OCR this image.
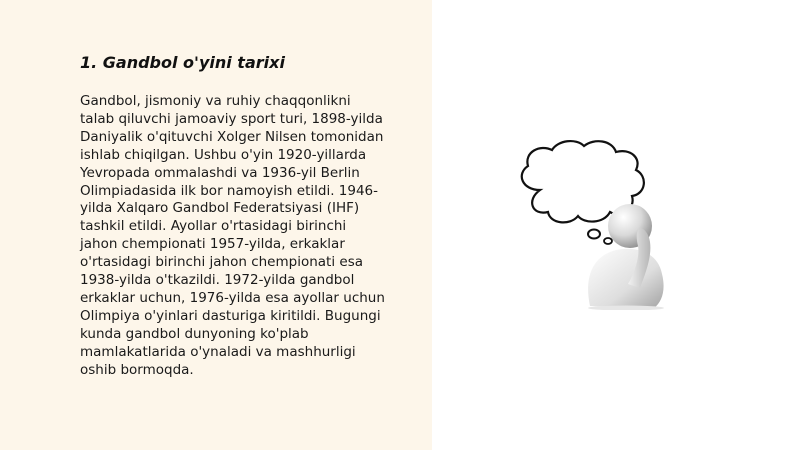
1. Gandbol o'yini tarixi
Gandbol, jismoniy va ruhiy chaqqonlikni
talab qiluvchi jamoaviy sport turi, 1898-yilda
Daniyalik o'qituvchi Xolger Nilsen tomonidan
ishlab chiqilgan. Ushbu o'yin 1920-yillarda
Yevropada ommalashdi va 1936-yil Berlin
Olimpiadasida ilk bor namoyish etildi. 1946-
yilda Xalqaro Gandbol Federatsiyasi (IHF)
tashkil etildi. Ayollar o'rtasidagi birinchi
jahon chempionati 1957-yilda, erkaklar
o'rtasidagi birinchi jahon chempionati esa
1938-yilda o'tkazildi. 1972-yilda gandbol
erkaklar uchun, 1976-yilda esa ayollar uchun
Olimpiya o'yinlari dasturiga kiritildi. Bugungi
kunda gandbol dunyoning ko'plab
mamlakatlarida o'ynaladi va mashhurligi
oshib bormoqda.
